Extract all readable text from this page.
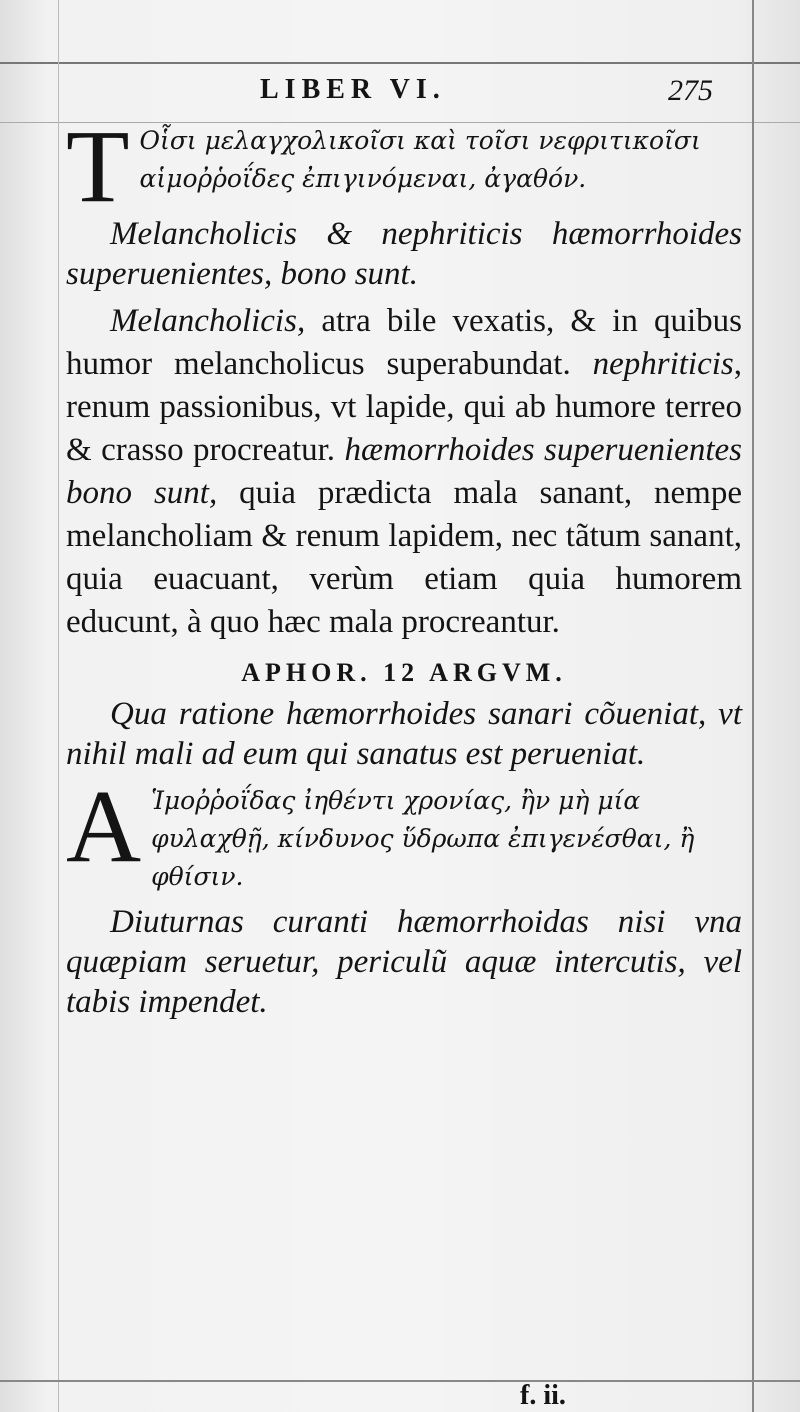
LIBER VI.	275
T Οἷσι μελαγχολικοῖσι καὶ τοῖσι νεφριτικοῖσι αἱμοῤῥοΐδες ἐπιγινόμεναι, ἀγαθόν.

Melancholicis & nephriticis hæmorrhoides superuenientes, bono sunt.

Melancholicis, atra bile vexatis, & in quibus humor melancholicus superabundat. nephriticis, renum passionibus, vt lapide, qui ab humore terreo & crasso procreatur. hæmorrhoides superuenientes bono sunt, quia prædicta mala sanant, nempe melancholiam & renum lapidem, nec tãtum sanant, quia euacuant, verùm etiam quia humorem educunt, à quo hæc mala procreantur.

APHOR. 12 ARGVM.

Qua ratione hæmorrhoides sanari cõueniat, vt nihil mali ad eum qui sanatus est perueniat.

A Ἱμοῤῥοΐδας ἰηθέντι χρονίας, ἢν μὴ μία φυλαχθῇ, κίνδυνος ὕδρωπα ἐπιγενέσθαι, ἢ φθίσιν.

Diuturnas curanti hæmorrhoidas nisi vna quæpiam seruetur, periculũ aquæ intercutis, vel tabis impendet.

f. ii.
